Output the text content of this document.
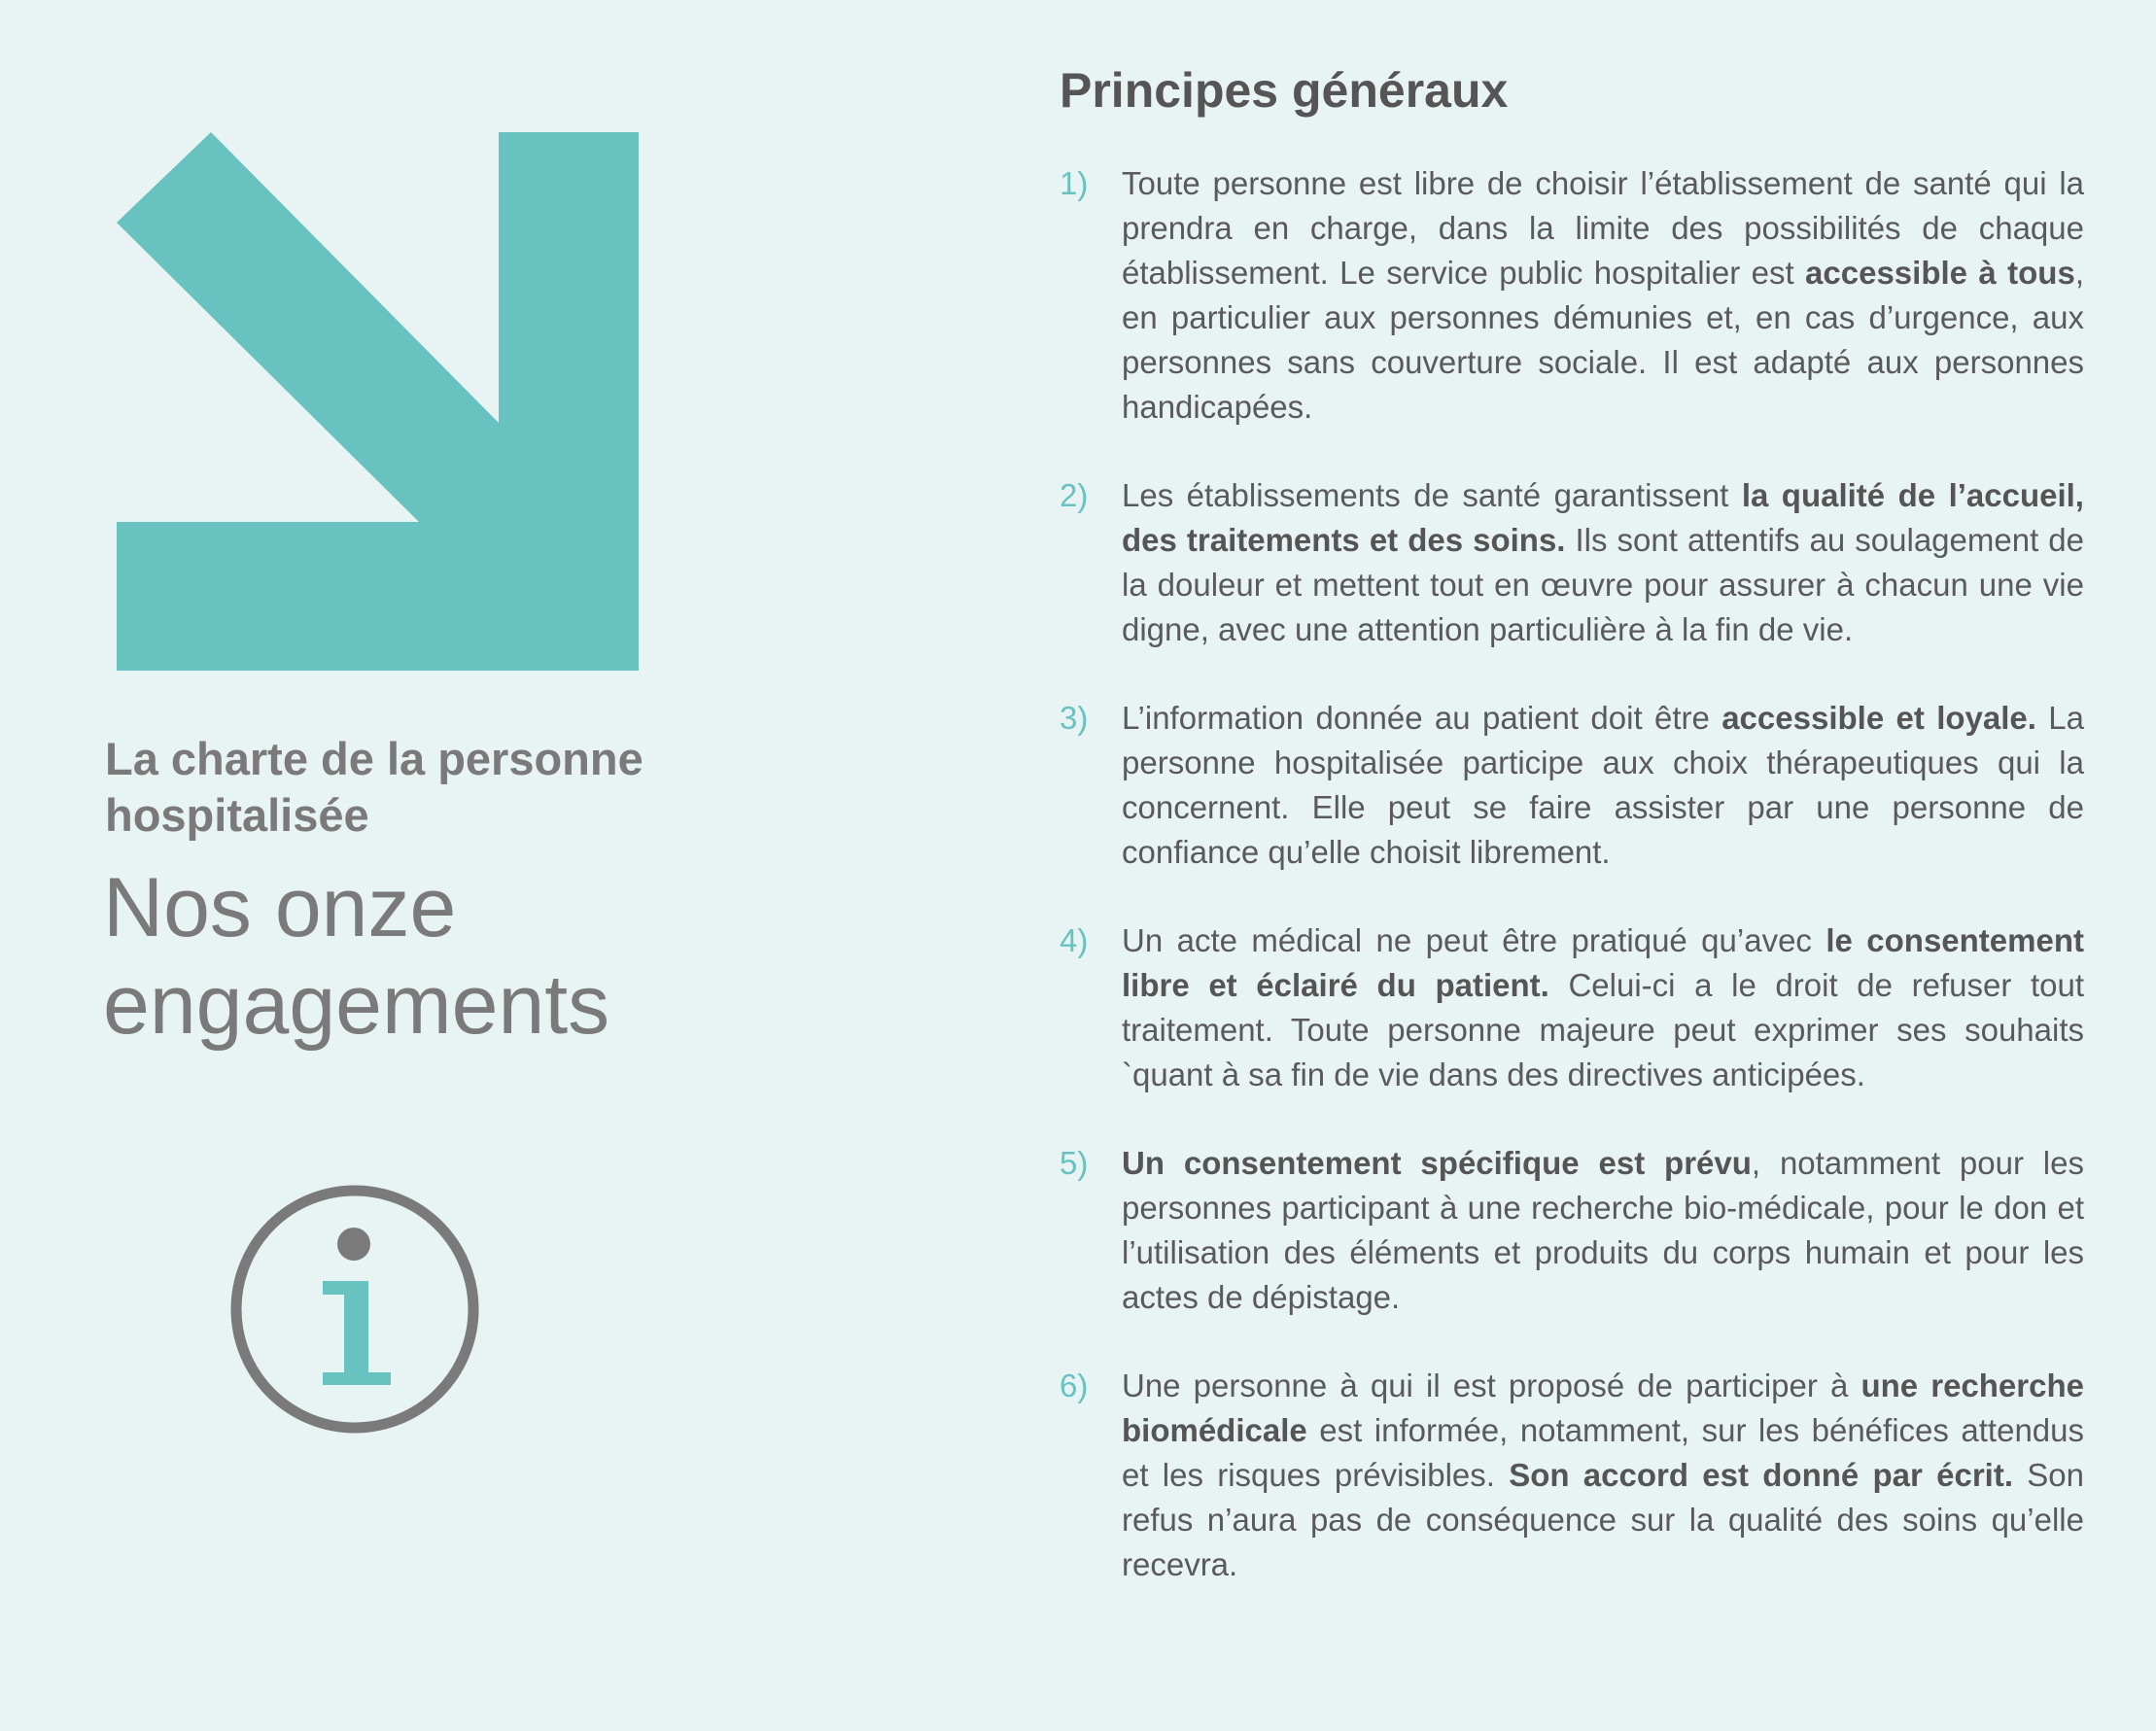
La charte de la personne hospitalisée
Nos onze engagements
Principes généraux
1) Toute personne est libre de choisir l’établissement de santé qui la prendra en charge, dans la limite des possibilités de chaque établissement. Le service public hospitalier est accessible à tous, en particulier aux personnes démunies et, en cas d’urgence, aux personnes sans couverture sociale. Il est adapté aux personnes handicapées.
2) Les établissements de santé garantissent la qualité de l’accueil, des traitements et des soins. Ils sont attentifs au soulagement de la douleur et mettent tout en œuvre pour assurer à chacun une vie digne, avec une attention particulière à la fin de vie.
3) L’information donnée au patient doit être accessible et loyale. La personne hospitalisée participe aux choix thérapeutiques qui la concernent. Elle peut se faire assister par une personne de confiance qu’elle choisit librement.
4) Un acte médical ne peut être pratiqué qu’avec le consentement libre et éclairé du patient. Celui-ci a le droit de refuser tout traitement. Toute personne majeure peut exprimer ses souhaits `quant à sa fin de vie dans des directives anticipées.
5) Un consentement spécifique est prévu, notamment pour les personnes participant à une recherche bio-médicale, pour le don et l’utilisation des éléments et produits du corps humain et pour les actes de dépistage.
6) Une personne à qui il est proposé de participer à une recherche biomédicale est informée, notamment, sur les bénéfices attendus et les risques prévisibles. Son accord est donné par écrit. Son refus n’aura pas de conséquence sur la qualité des soins qu’elle recevra.
